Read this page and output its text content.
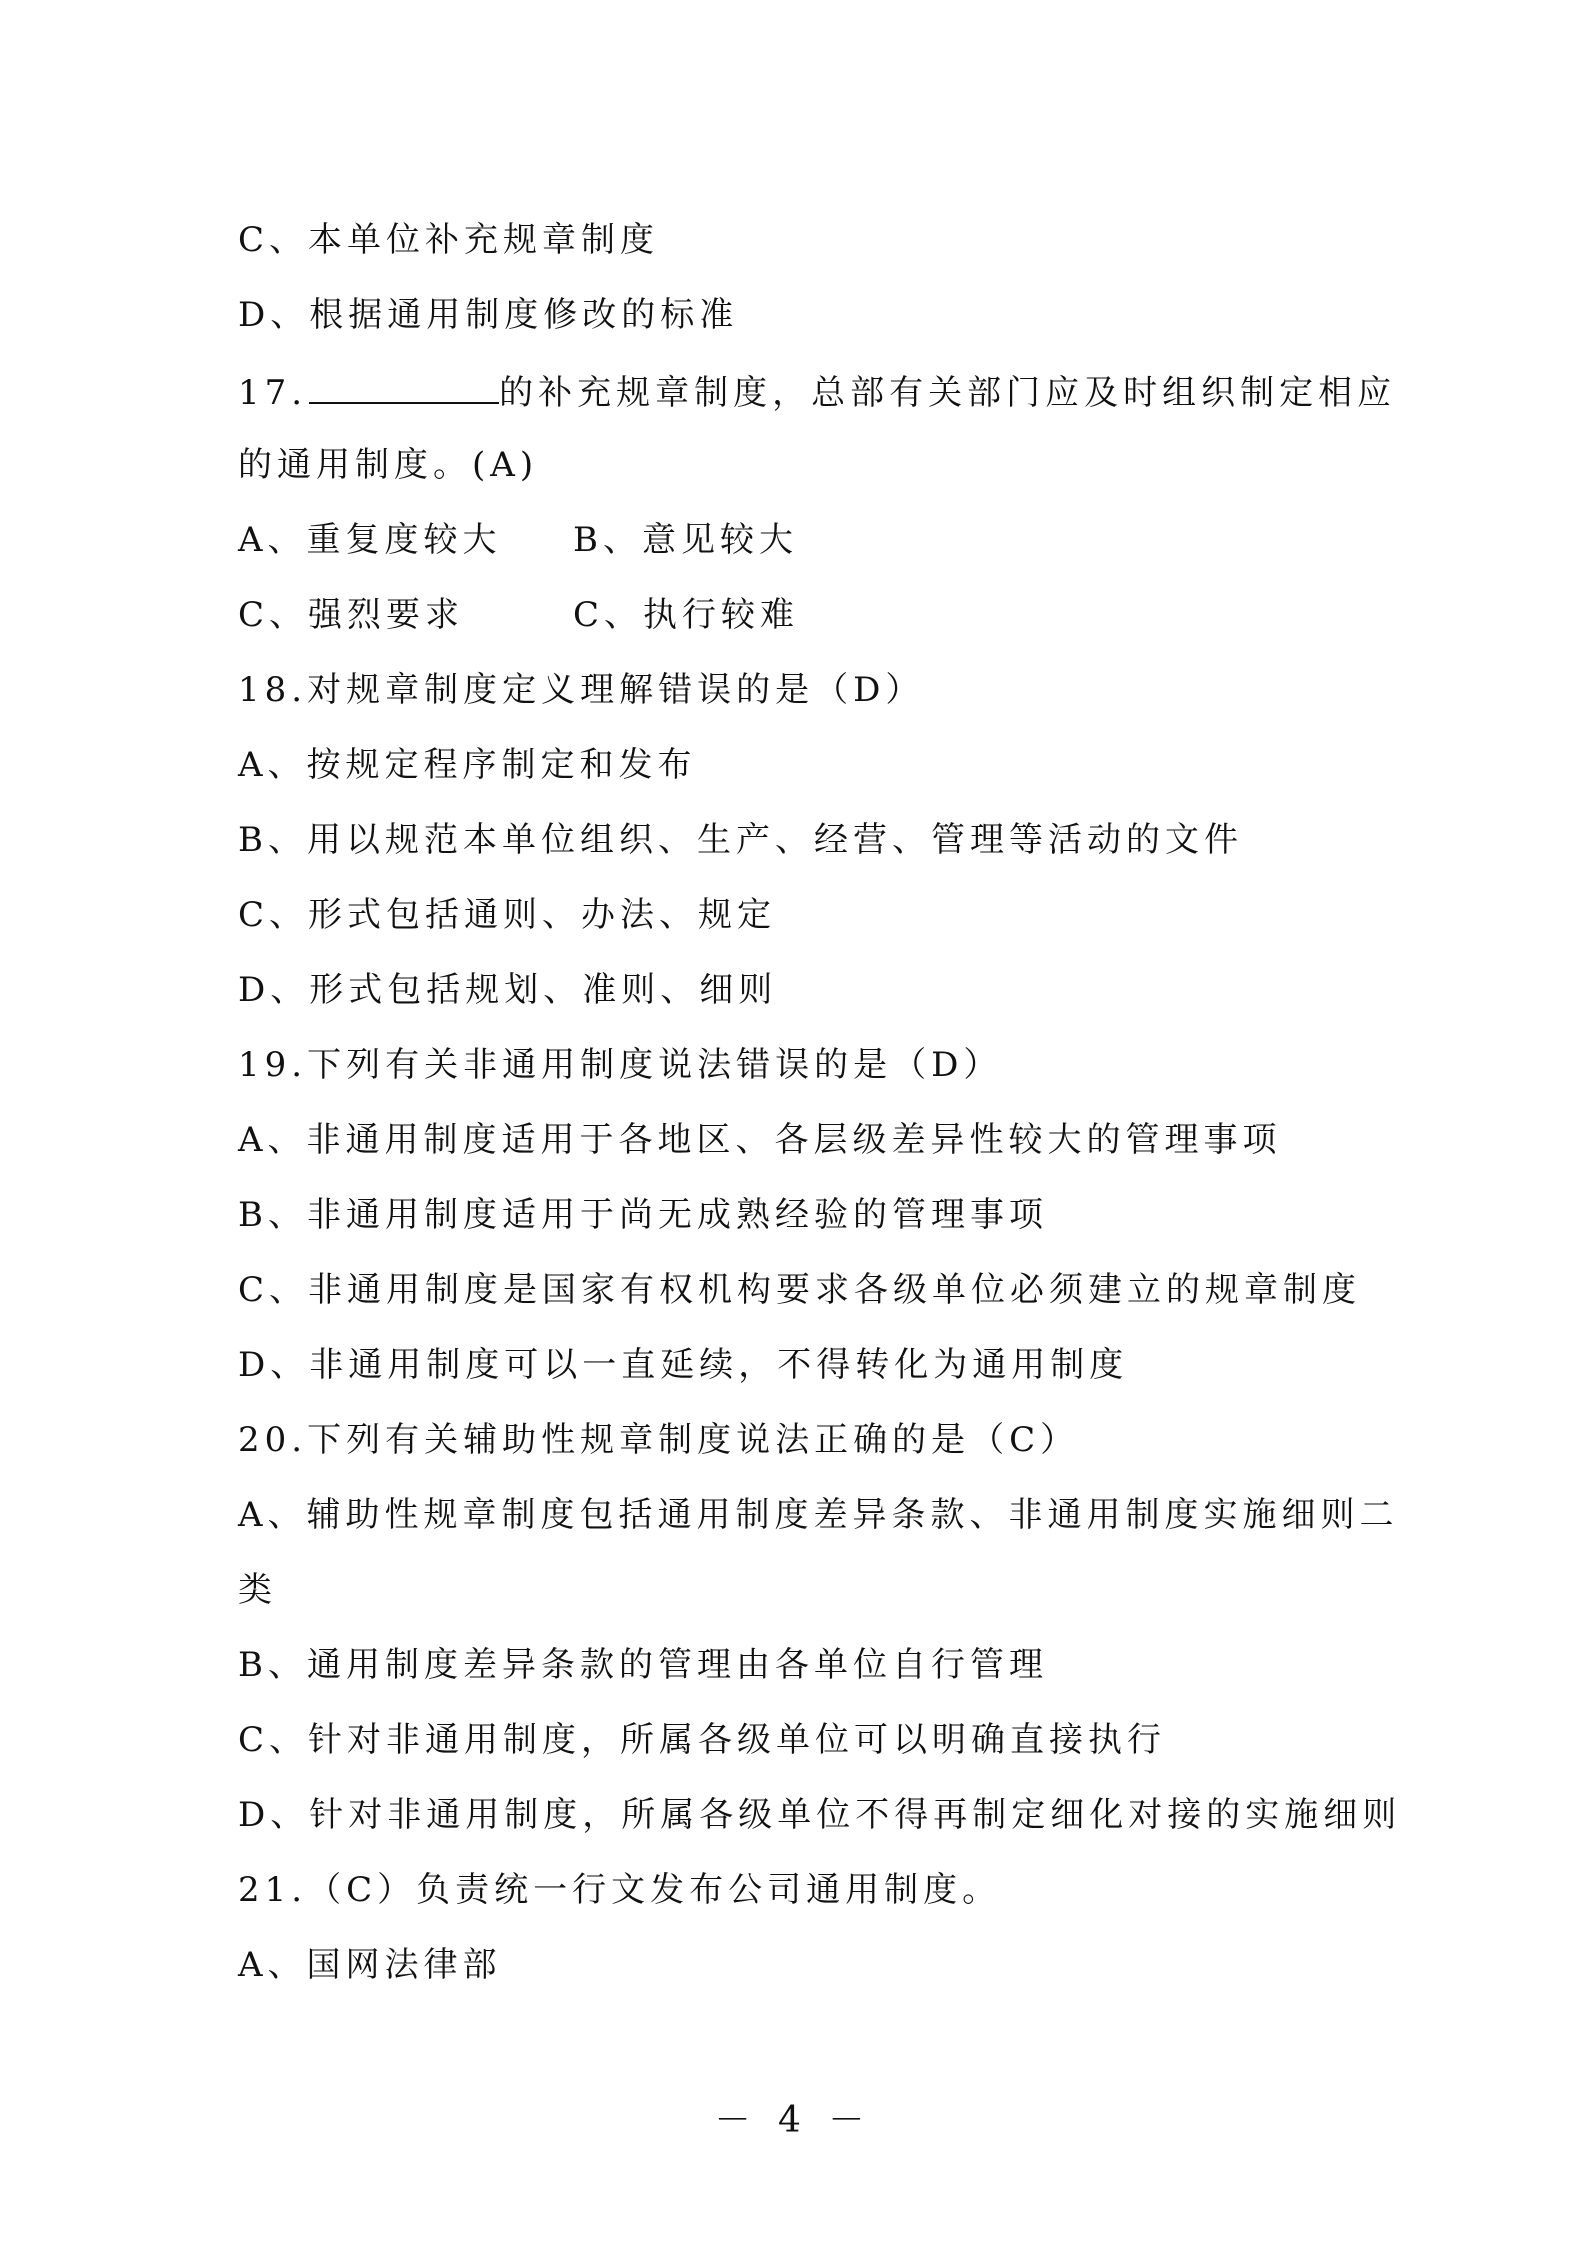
C、本单位补充规章制度
D、根据通用制度修改的标准
17.	的补充规章制度，总部有关部门应及时组织制定相应
的通用制度。(A)
A、重复度较大 B、意见较大
C、强烈要求	C、执行较难
18.对规章制度定义理解错误的是（D）
A、按规定程序制定和发布
B、用以规范本单位组织、生产、经营、管理等活动的文件
C、形式包括通则、办法、规定
D、形式包括规划、准则、细则
19.下列有关非通用制度说法错误的是（D）
A、非通用制度适用于各地区、各层级差异性较大的管理事项
B、非通用制度适用于尚无成熟经验的管理事项
C、非通用制度是国家有权机构要求各级单位必须建立的规章制度
D、非通用制度可以一直延续，不得转化为通用制度
20.下列有关辅助性规章制度说法正确的是（C）
A、辅助性规章制度包括通用制度差异条款、非通用制度实施细则二
类
B、通用制度差异条款的管理由各单位自行管理
C、针对非通用制度，所属各级单位可以明确直接执行
D、针对非通用制度，所属各级单位不得再制定细化对接的实施细则
21.（C）负责统一行文发布公司通用制度。
A、国网法律部
－ 4 －
